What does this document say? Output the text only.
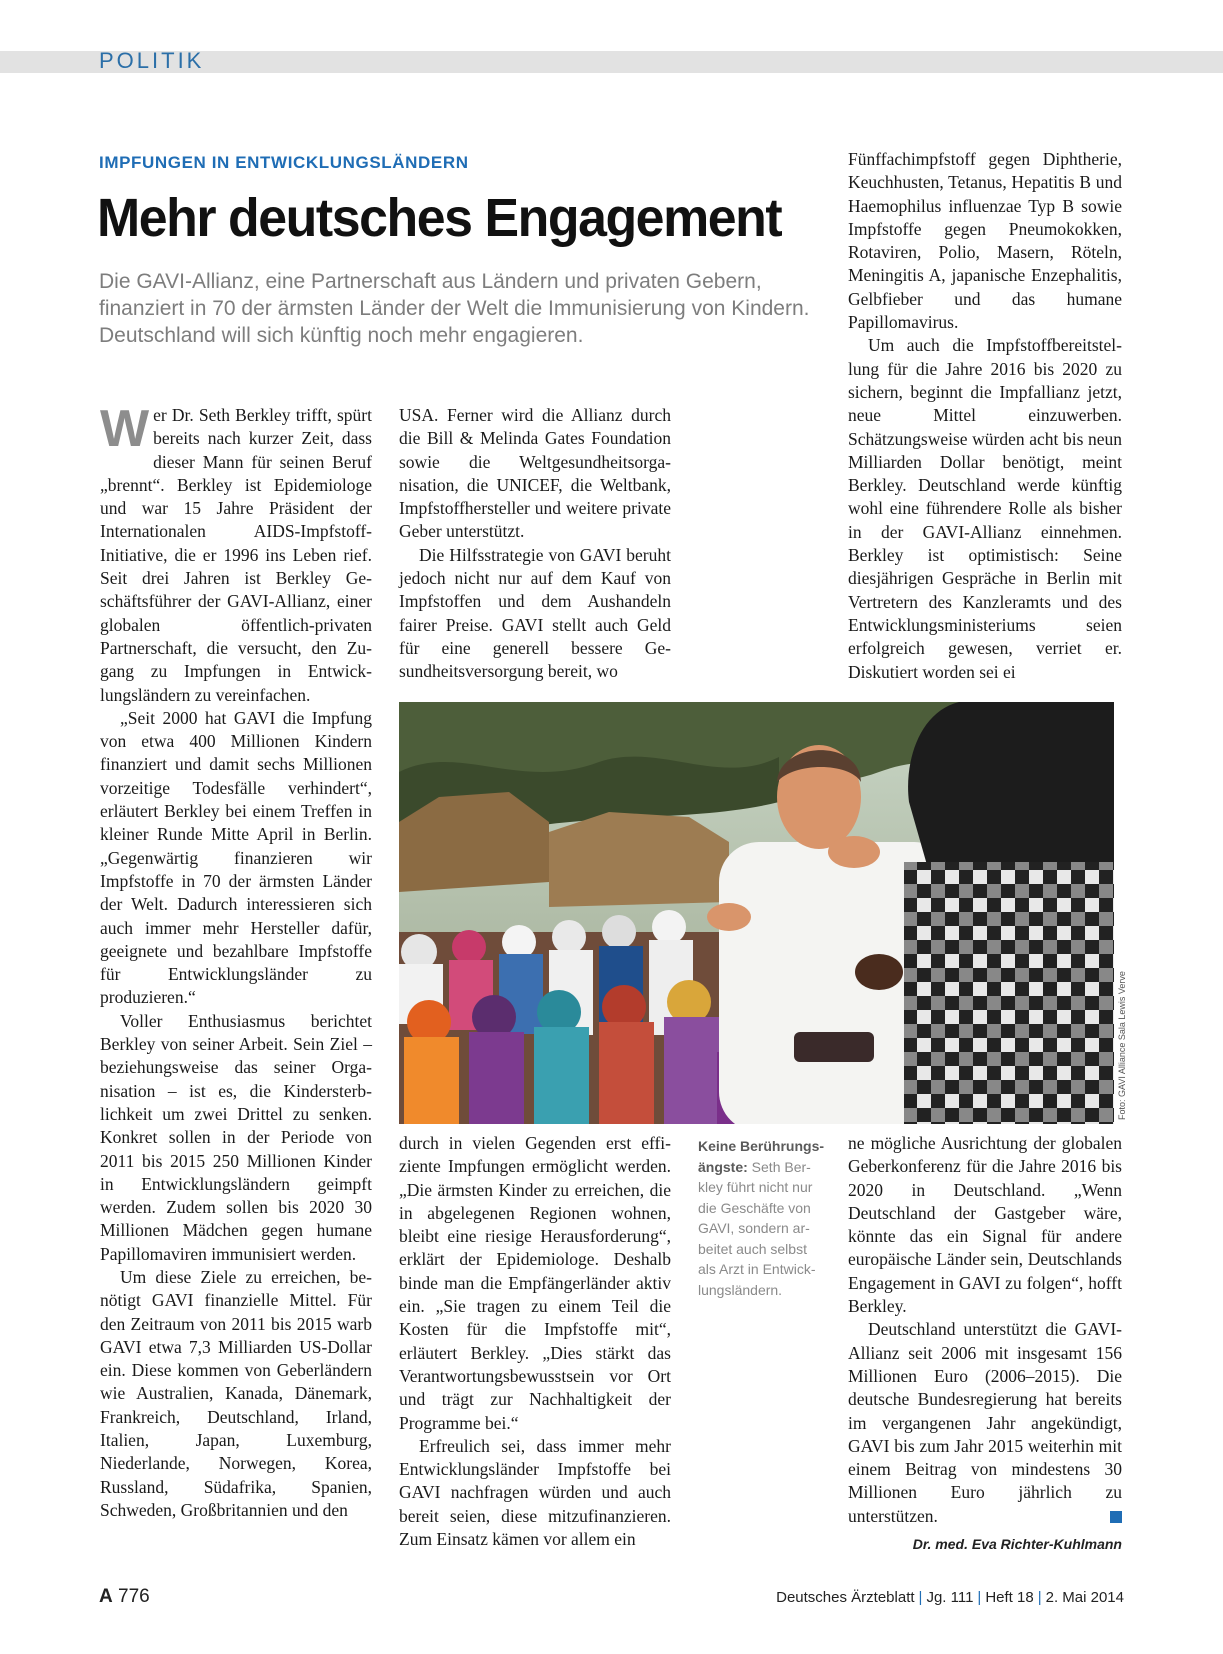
POLITIK
IMPFUNGEN IN ENTWICKLUNGSLÄNDERN
Mehr deutsches Engagement
Die GAVI-Allianz, eine Partnerschaft aus Ländern und privaten Gebern, finanziert in 70 der ärmsten Länder der Welt die Immunisierung von Kindern. Deutschland will sich künftig noch mehr engagieren.

Wer Dr. Seth Berkley trifft, spürt bereits nach kurzer Zeit, dass dieser Mann für seinen Beruf „brennt“. Berkley ist Epidemiologe und war 15 Jahre Präsident der Internationalen AIDS-Impfstoff-Initiative, die er 1996 ins Leben rief. Seit drei Jahren ist Berkley Geschäftsführer der GAVI-Allianz, einer globalen öffentlich-privaten Partnerschaft, die versucht, den Zugang zu Impfungen in Entwicklungsländern zu vereinfachen.

„Seit 2000 hat GAVI die Impfung von etwa 400 Millionen Kindern finanziert und damit sechs Millionen vorzeitige Todesfälle verhindert“, erläutert Berkley bei einem Treffen in kleiner Runde Mitte April in Berlin. „Gegenwärtig finanzieren wir Impfstoffe in 70 der ärmsten Länder der Welt. Dadurch interessieren sich auch immer mehr Hersteller dafür, geeignete und bezahlbare Impfstoffe für Entwicklungsländer zu produzieren.“

Voller Enthusiasmus berichtet Berkley von seiner Arbeit. Sein Ziel – beziehungsweise das seiner Organisation – ist es, die Kindersterblichkeit um zwei Drittel zu senken. Konkret sollen in der Periode von 2011 bis 2015 250 Millionen Kinder in Entwicklungsländern geimpft werden. Zudem sollen bis 2020 30 Millionen Mädchen gegen humane Papillomaviren immunisiert werden.

Um diese Ziele zu erreichen, benötigt GAVI finanzielle Mittel. Für den Zeitraum von 2011 bis 2015 warb GAVI etwa 7,3 Milliarden US-Dollar ein. Diese kommen von Geberländern wie Australien, Kanada, Dänemark, Frankreich, Deutschland, Irland, Italien, Japan, Luxemburg, Niederlande, Norwegen, Korea, Russland, Südafrika, Spanien, Schweden, Großbritannien und den

USA. Ferner wird die Allianz durch die Bill & Melinda Gates Foundation sowie die Weltgesundheitsorganisation, die UNICEF, die Weltbank, Impfstoffhersteller und weitere private Geber unterstützt.

Die Hilfsstrategie von GAVI beruht jedoch nicht nur auf dem Kauf von Impfstoffen und dem Aushandeln fairer Preise. GAVI stellt auch Geld für eine generell bessere Gesundheitsversorgung bereit, wo

Fünffachimpfstoff gegen Diphtherie, Keuchhusten, Tetanus, Hepatitis B und Haemophilus influenzae Typ B sowie Impfstoffe gegen Pneumokokken, Rotaviren, Polio, Masern, Röteln, Meningitis A, japanische Enzephalitis, Gelbfieber und das humane Papillomavirus.

Um auch die Impfstoffbereitstellung für die Jahre 2016 bis 2020 zu sichern, beginnt die Impfallianz jetzt, neue Mittel einzuwerben. Schätzungsweise würden acht bis neun Milliarden Dollar benötigt, meint Berkley. Deutschland werde künftig wohl eine führendere Rolle als bisher in der GAVI-Allianz einnehmen. Berkley ist optimistisch: Seine diesjährigen Gespräche in Berlin mit Vertretern des Kanzleramts und des Entwicklungsministeriums seien erfolgreich gewesen, verriet er. Diskutiert worden sei ei

Foto: GAVI Alliance Sala Lewis Verve
Keine Berührungsängste: Seth Berkley führt nicht nur die Geschäfte von GAVI, sondern arbeitet auch selbst als Arzt in Entwicklungsländern.

durch in vielen Gegenden erst effiziente Impfungen ermöglicht werden. „Die ärmsten Kinder zu erreichen, die in abgelegenen Regionen wohnen, bleibt eine riesige Herausforderung“, erklärt der Epidemiologe. Deshalb binde man die Empfängerländer aktiv ein. „Sie tragen zu einem Teil die Kosten für die Impfstoffe mit“, erläutert Berkley. „Dies stärkt das Verantwortungsbewusstsein vor Ort und trägt zur Nachhaltigkeit der Programme bei.“

Erfreulich sei, dass immer mehr Entwicklungsländer Impfstoffe bei GAVI nachfragen würden und auch bereit seien, diese mitzufinanzieren. Zum Einsatz kämen vor allem ein

ne mögliche Ausrichtung der globalen Geberkonferenz für die Jahre 2016 bis 2020 in Deutschland. „Wenn Deutschland der Gastgeber wäre, könnte das ein Signal für andere europäische Länder sein, Deutschlands Engagement in GAVI zu folgen“, hofft Berkley.

Deutschland unterstützt die GAVI-Allianz seit 2006 mit insgesamt 156 Millionen Euro (2006–2015). Die deutsche Bundesregierung hat bereits im vergangenen Jahr angekündigt, GAVI bis zum Jahr 2015 weiterhin mit einem Beitrag von mindestens 30 Millionen Euro jährlich zu unterstützen.

Dr. med. Eva Richter-Kuhlmann
A 776	Deutsches Ärzteblatt | Jg. 111 | Heft 18 | 2. Mai 2014
